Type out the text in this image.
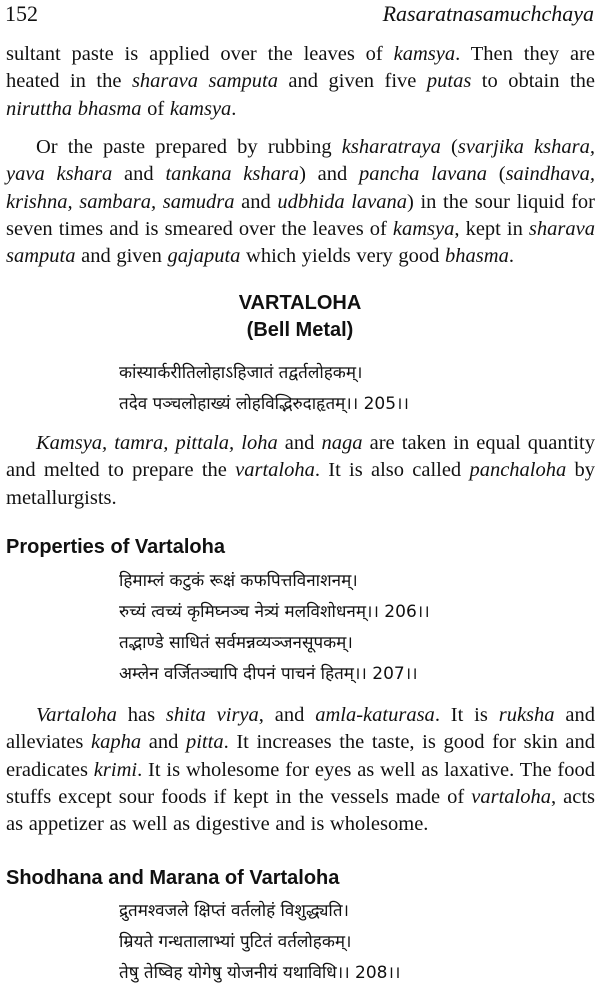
152	Rasaratnasamuchchaya

sultant paste is applied over the leaves of kamsya. Then they are heated in the sharava samputa and given five putas to obtain the niruttha bhasma of kamsya.

Or the paste prepared by rubbing ksharatraya (svarjika kshara, yava kshara and tankana kshara) and pancha lavana (saindhava, krishna, sambara, samudra and udbhida lavana) in the sour liquid for seven times and is smeared over the leaves of kamsya, kept in sharava samputa and given gajaputa which yields very good bhasma.

VARTALOHA
(Bell Metal)
कांस्यार्करीतिलोहाऽहिजातं तद्वर्तलोहकम्।
तदेव पञ्चलोहाख्यं लोहविद्भिरुदाहृतम्।। 205।।

Kamsya, tamra, pittala, loha and naga are taken in equal quantity and melted to prepare the vartaloha. It is also called panchaloha by metallurgists.

Properties of Vartaloha
हिमाम्लं कटुकं रूक्षं कफपित्तविनाशनम्।
रुच्यं त्वच्यं कृमिघ्नञ्च नेत्र्यं मलविशोधनम्।। 206।।
तद्भाण्डे साधितं सर्वमन्नव्यञ्जनसूपकम्।
अम्लेन वर्जितञ्चापि दीपनं पाचनं हितम्।। 207।।

Vartaloha has shita virya, and amla-katurasa. It is ruksha and alleviates kapha and pitta. It increases the taste, is good for skin and eradicates krimi. It is wholesome for eyes as well as laxative. The food stuffs except sour foods if kept in the vessels made of vartaloha, acts as appetizer as well as digestive and is wholesome.

Shodhana and Marana of Vartaloha
द्रुतमश्वजले क्षिप्तं वर्तलोहं विशुद्ध्यति।
म्रियते गन्धतालाभ्यां पुटितं वर्तलोहकम्।
तेषु तेष्विह योगेषु योजनीयं यथाविधि।। 208।।
